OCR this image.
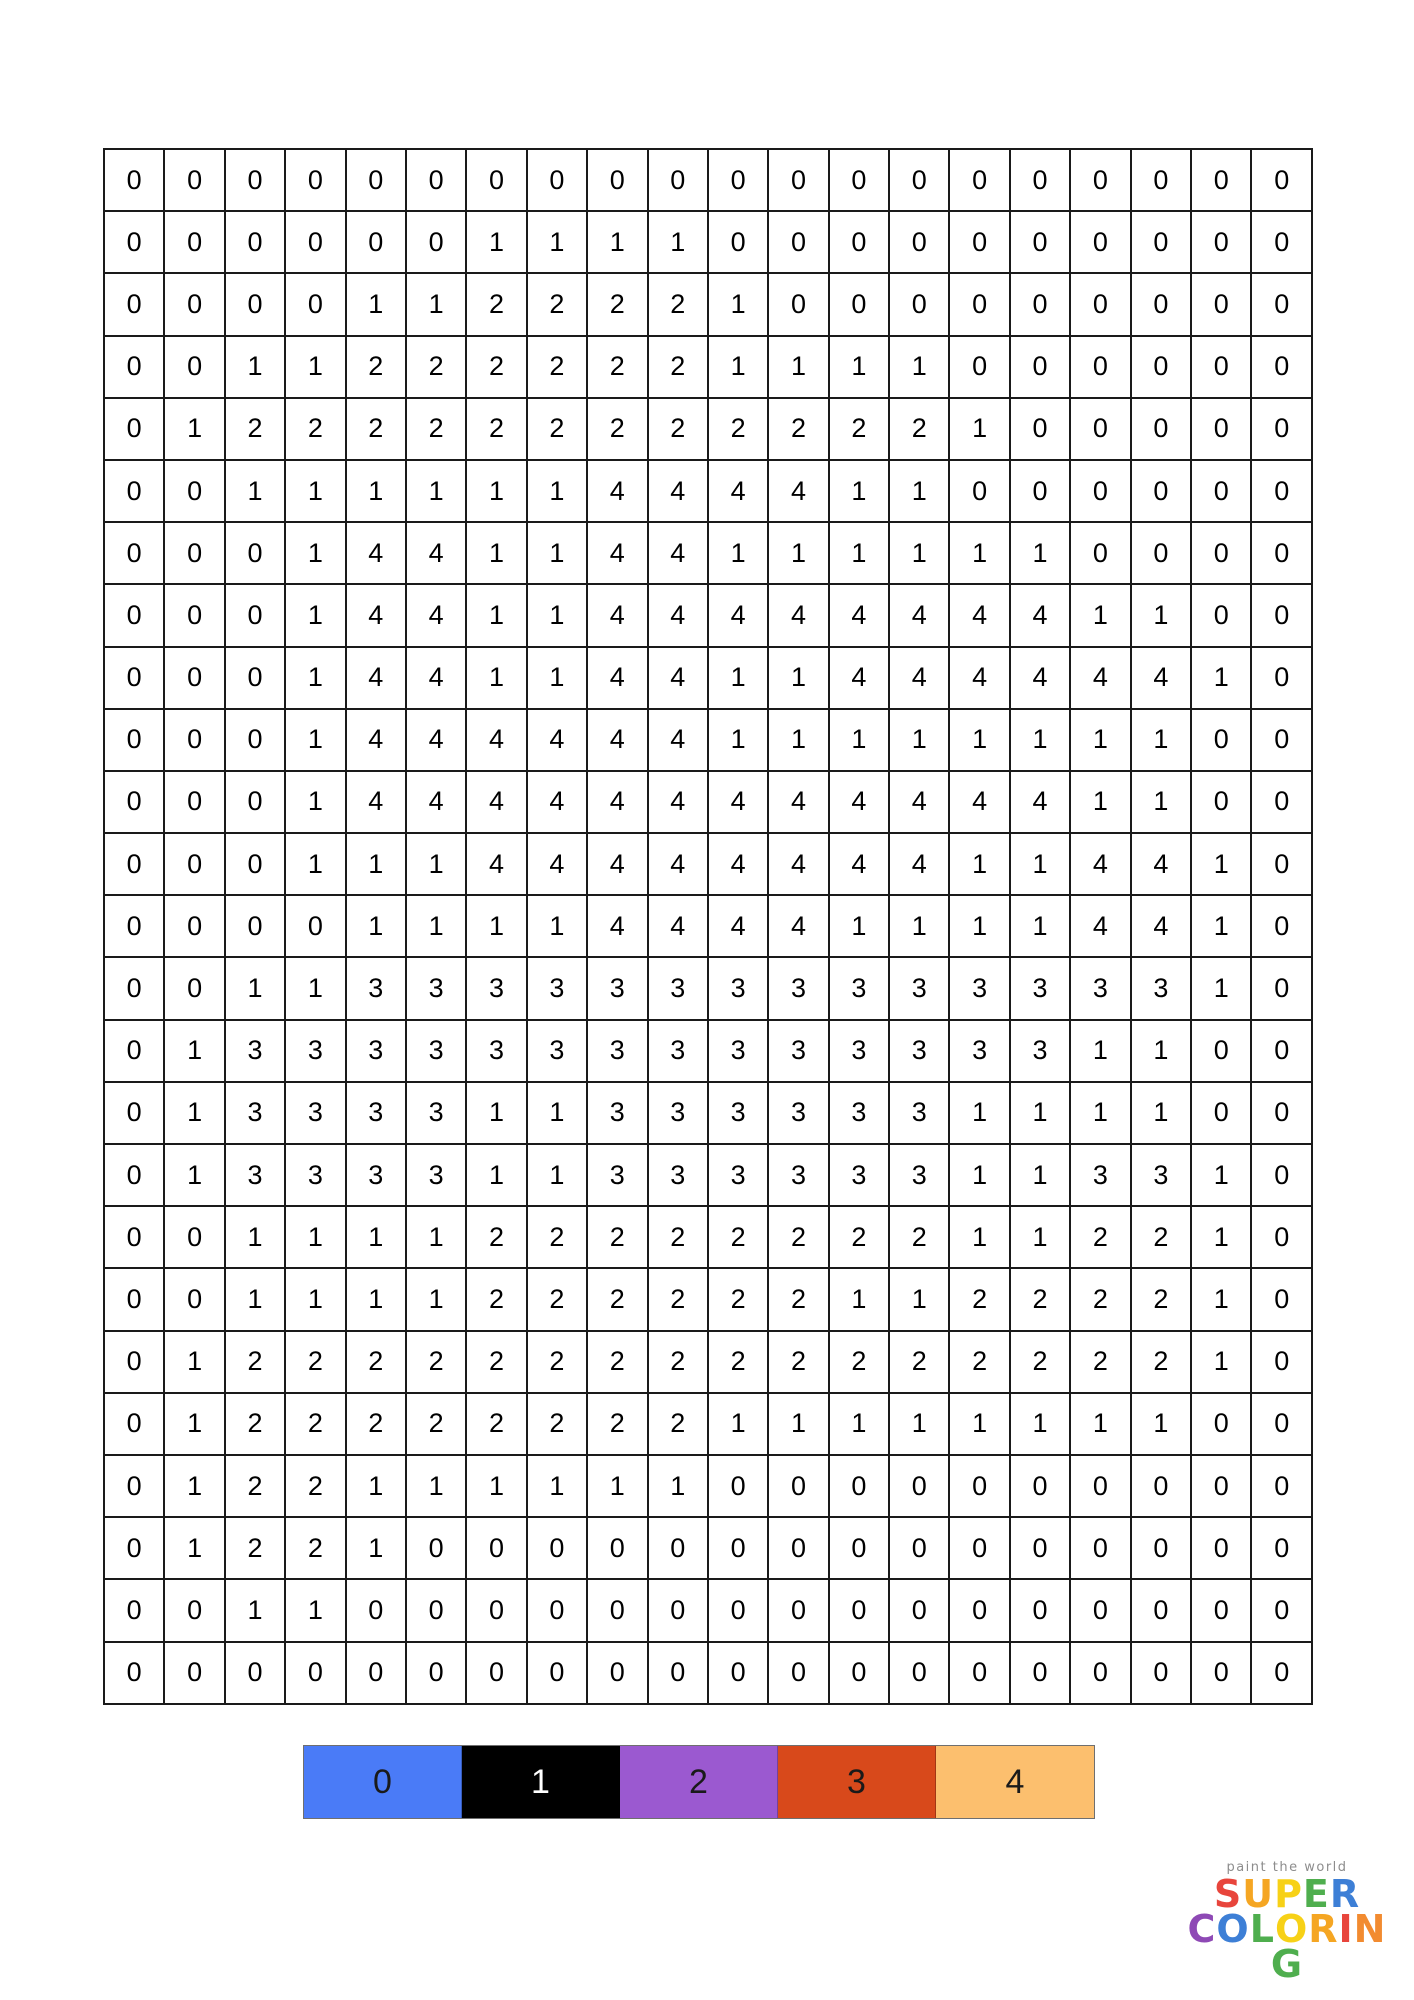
0	0	0	0	0	0	0	0	0	0	0	0	0	0	0	0	0	0	0	0
0	0	0	0	0	0	1	1	1	1	0	0	0	0	0	0	0	0	0	0
0	0	0	0	1	1	2	2	2	2	1	0	0	0	0	0	0	0	0	0
0	0	1	1	2	2	2	2	2	2	1	1	1	1	0	0	0	0	0	0
0	1	2	2	2	2	2	2	2	2	2	2	2	2	1	0	0	0	0	0
0	0	1	1	1	1	1	1	4	4	4	4	1	1	0	0	0	0	0	0
0	0	0	1	4	4	1	1	4	4	1	1	1	1	1	1	0	0	0	0
0	0	0	1	4	4	1	1	4	4	4	4	4	4	4	4	1	1	0	0
0	0	0	1	4	4	1	1	4	4	1	1	4	4	4	4	4	4	1	0
0	0	0	1	4	4	4	4	4	4	1	1	1	1	1	1	1	1	0	0
0	0	0	1	4	4	4	4	4	4	4	4	4	4	4	4	1	1	0	0
0	0	0	1	1	1	4	4	4	4	4	4	4	4	1	1	4	4	1	0
0	0	0	0	1	1	1	1	4	4	4	4	1	1	1	1	4	4	1	0
0	0	1	1	3	3	3	3	3	3	3	3	3	3	3	3	3	3	1	0
0	1	3	3	3	3	3	3	3	3	3	3	3	3	3	3	1	1	0	0
0	1	3	3	3	3	1	1	3	3	3	3	3	3	1	1	1	1	0	0
0	1	3	3	3	3	1	1	3	3	3	3	3	3	1	1	3	3	1	0
0	0	1	1	1	1	2	2	2	2	2	2	2	2	1	1	2	2	1	0
0	0	1	1	1	1	2	2	2	2	2	2	1	1	2	2	2	2	1	0
0	1	2	2	2	2	2	2	2	2	2	2	2	2	2	2	2	2	1	0
0	1	2	2	2	2	2	2	2	2	1	1	1	1	1	1	1	1	0	0
0	1	2	2	1	1	1	1	1	1	0	0	0	0	0	0	0	0	0	0
0	1	2	2	1	0	0	0	0	0	0	0	0	0	0	0	0	0	0	0
0	0	1	1	0	0	0	0	0	0	0	0	0	0	0	0	0	0	0	0
0	0	0	0	0	0	0	0	0	0	0	0	0	0	0	0	0	0	0	0
0	1	2	3	4
paint the world
SUPER
COLORING
